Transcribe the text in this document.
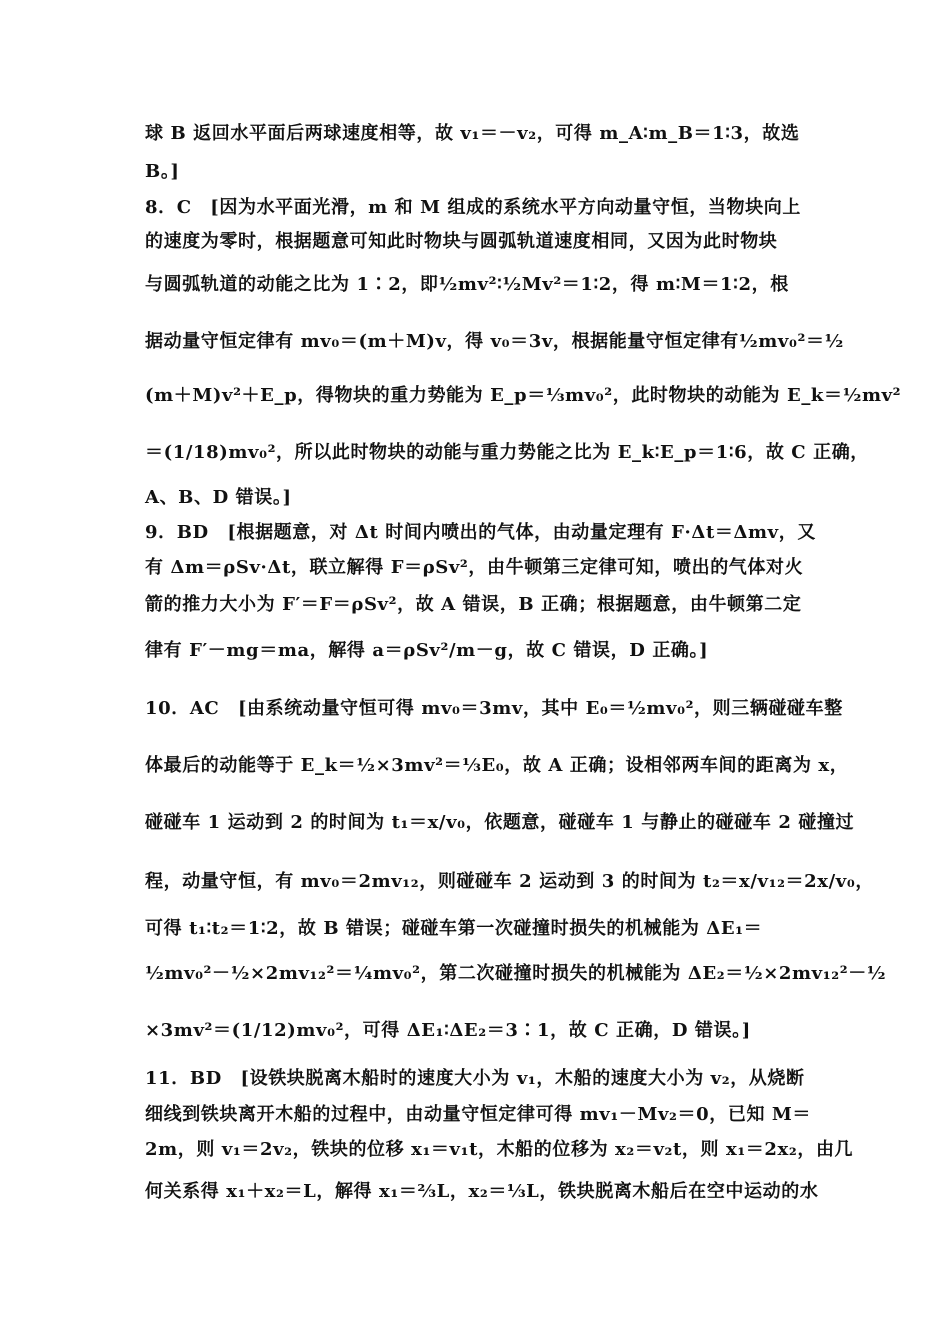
球 B 返回水平面后两球速度相等，故 v₁＝－v₂，可得 m_A∶m_B＝1∶3，故选
B。]
8．C　[因为水平面光滑，m 和 M 组成的系统水平方向动量守恒，当物块向上
的速度为零时，根据题意可知此时物块与圆弧轨道速度相同，又因为此时物块
与圆弧轨道的动能之比为 1∶2，即½mv²∶½Mv²＝1∶2，得 m∶M＝1∶2，根
据动量守恒定律有 mv₀＝(m＋M)v，得 v₀＝3v，根据能量守恒定律有½mv₀²＝½
(m＋M)v²＋E_p，得物块的重力势能为 E_p＝⅓mv₀²，此时物块的动能为 E_k＝½mv²
＝(1/18)mv₀²，所以此时物块的动能与重力势能之比为 E_k∶E_p＝1∶6，故 C 正确，
A、B、D 错误。]
9．BD　[根据题意，对 Δt 时间内喷出的气体，由动量定理有 F·Δt＝Δmv，又
有 Δm＝ρSv·Δt，联立解得 F＝ρSv²，由牛顿第三定律可知，喷出的气体对火
箭的推力大小为 F′＝F＝ρSv²，故 A 错误，B 正确；根据题意，由牛顿第二定
律有 F′－mg＝ma，解得 a＝ρSv²/m－g，故 C 错误，D 正确。]
10．AC　[由系统动量守恒可得 mv₀＝3mv，其中 E₀＝½mv₀²，则三辆碰碰车整
体最后的动能等于 E_k＝½×3mv²＝⅓E₀，故 A 正确；设相邻两车间的距离为 x，
碰碰车 1 运动到 2 的时间为 t₁＝x/v₀，依题意，碰碰车 1 与静止的碰碰车 2 碰撞过
程，动量守恒，有 mv₀＝2mv₁₂，则碰碰车 2 运动到 3 的时间为 t₂＝x/v₁₂＝2x/v₀，
可得 t₁∶t₂＝1∶2，故 B 错误；碰碰车第一次碰撞时损失的机械能为 ΔE₁＝
½mv₀²－½×2mv₁₂²＝¼mv₀²，第二次碰撞时损失的机械能为 ΔE₂＝½×2mv₁₂²－½
×3mv²＝(1/12)mv₀²，可得 ΔE₁∶ΔE₂＝3∶1，故 C 正确，D 错误。]
11．BD　[设铁块脱离木船时的速度大小为 v₁，木船的速度大小为 v₂，从烧断
细线到铁块离开木船的过程中，由动量守恒定律可得 mv₁－Mv₂＝0，已知 M＝
2m，则 v₁＝2v₂，铁块的位移 x₁＝v₁t，木船的位移为 x₂＝v₂t，则 x₁＝2x₂，由几
何关系得 x₁＋x₂＝L，解得 x₁＝⅔L，x₂＝⅓L，铁块脱离木船后在空中运动的水
